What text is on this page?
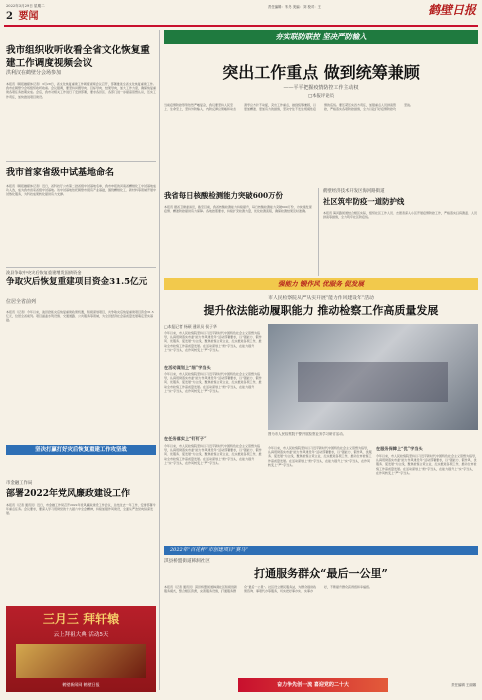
2022年3月29日 星期二
2 要闻
责任编辑：朱冬 美编：刘 校对：王	鹤壁日报
我市组织收听收看全省文化恢复重建工作调度视频会议
洪利汉在鹤壁分会场参加
本报讯（鹤报融媒体记者）3月28日，省文化恢复重建工作调度视频会议召开，部署推进全省文化恢复重建工作。我市在鹤壁分会场组织收听收看。会议强调，要坚持问题导向、目标导向、结果导向，加大工作力度，确保恢复重建各项任务按期完成。会后，我市对相关工作进行了安排部署，要求各县区、各部门进一步提高思想认识，压实工作责任，加快推进项目建设。
我市首家省级中试基地命名
本报讯（鹤报融媒体记者）近日，省科技厅公布第二批省级中试基地名单，我市申报的河南省精细化工中试基地成功入选，成为我市首家省级中试基地。该中试基地依托鹤壁市现有产业基础，围绕精细化工、新材料等领域开展中试熟化服务，为科技成果转化提供有力支撑。
浚县争取中央灾后恢复重建增发国债资金
争取灾后恢复重建项目资金31.5亿元
位居全省前列
本报讯（记者）今年以来，浚县抢抓灾后恢复重建政策机遇，积极谋划项目，共争取灾后恢复重建项目资金31.5亿元，位居全省前列。项目涵盖水利设施、交通道路、公共服务等领域，为全县经济社会高质量发展奠定坚实基础。
坚决打赢打好灾后恢复重建工作攻坚战
市金融工作局
部署2022年党风廉政建设工作
本报讯（记者 通讯员）近日，市金融工作局召开2022年党风廉政建设工作会议，总结过去一年工作，安排部署今年重点任务。会议要求，要深入学习贯彻党的十九届六中全会精神，持续加强作风建设，全面从严治党向纵深发展。
三月三 拜轩辕
云上拜祖大典 活动5天
鹤壁新闻网 鹤壁日报
夯实联防联控 坚决严防输入
突出工作重点 做到统筹兼顾
——平平把握疫情防控工作主动权
□本报评论员
当前疫情防控形势依然严峻复杂，我们要坚持人民至上、生命至上，坚持外防输入、内防反弹总策略和动态清零总方针不动摇，突出工作重点，做到统筹兼顾，以更加精准、更加有力的措施，坚决守住不发生规模性疫情的底线。要压紧压实四方责任，加强重点人员排查管控，严格落实各项防控措施，全力以赴打好疫情防控攻坚战。
我省每日核酸检测能力突破600万份
本报讯 据省卫健委消息，截至目前，我省核酸检测能力持续提升，每日核酸检测能力突破600万份，为快速发现疫情、精准防控提供有力保障。各地按照要求，持续扩充检测力量，优化检测流程，确保检测结果及时准确。
鹤壁经济技术开发区海河路街道
社区筑牢防疫一道防护线
本报讯 海河路街道结合辖区实际，组织社区工作人员、志愿者深入小区开展疫情防控工作，严格落实扫码测温、人员排查等措施，全力筑牢社区防疫线。
强能力 锻作风 优服务 促发展
市人民检察院从严从实开展“能力作风建设年”活动
提升依法能动履职能力 推动检察工作高质量发展
□本报记者 杨硕 通讯员 侯子华
今年以来，市人民检察院坚持以习近平新时代中国特色社会主义思想为指导，认真贯彻落实市委“能力作风建设年”活动部署要求，以“强能力、锻作风、优服务、促发展”为主线，聚焦检察主责主业，扎实推进各项工作，推动全市检察工作高质量发展。在活动谋划上“细”字当头，在能力提升上“实”字当头，在作风转变上“严”字当头。
在活动谋划上“细”字当头
今年以来，市人民检察院坚持以习近平新时代中国特色社会主义思想为指导，认真贯彻落实市委“能力作风建设年”活动部署要求，以“强能力、锻作风、优服务、促发展”为主线，聚焦检察主责主业，扎实推进各项工作，推动全市检察工作高质量发展。在活动谋划上“细”字当头，在能力提升上“实”字当头，在作风转变上“严”字当头。
在任务落实上“钉钉子”
今年以来，市人民检察院坚持以习近平新时代中国特色社会主义思想为指导，认真贯彻落实市委“能力作风建设年”活动部署要求，以“强能力、锻作风、优服务、促发展”为主线，聚焦检察主责主业，扎实推进各项工作，推动全市检察工作高质量发展。在活动谋划上“细”字当头，在能力提升上“实”字当头，在作风转变上“严”字当头。
图为市人民检察院干警开展检察业务学习研讨活动。
今年以来，市人民检察院坚持以习近平新时代中国特色社会主义思想为指导，认真贯彻落实市委“能力作风建设年”活动部署要求，以“强能力、锻作风、优服务、促发展”为主线，聚焦检察主责主业，扎实推进各项工作，推动全市检察工作高质量发展。在活动谋划上“细”字当头，在能力提升上“实”字当头，在作风转变上“严”字当头。
在服务保障上“优”字当头
今年以来，市人民检察院坚持以习近平新时代中国特色社会主义思想为指导，认真贯彻落实市委“能力作风建设年”活动部署要求，以“强能力、锻作风、优服务、促发展”为主线，聚焦检察主责主业，扎实推进各项工作，推动全市检察工作高质量发展。在活动谋划上“细”字当头，在能力提升上“实”字当头，在作风转变上“严”字当头。
2022年“百花杯”市创建项目“赛马”
淇县桥盟街道韩洞社区
打通服务群众“最后一公里”
本报讯（记者 通讯员）淇县桥盟街道韩洞社区积极创新服务模式，整合辖区资源，完善服务设施，打通服务群众“最后一公里”。社区设立便民服务站，为群众提供政策咨询、事项代办等服务，切实把好事办实、实事办好，不断提升群众获得感和幸福感。
奋力争先创一流 喜迎党的二十大	责任编辑 王丽娜
